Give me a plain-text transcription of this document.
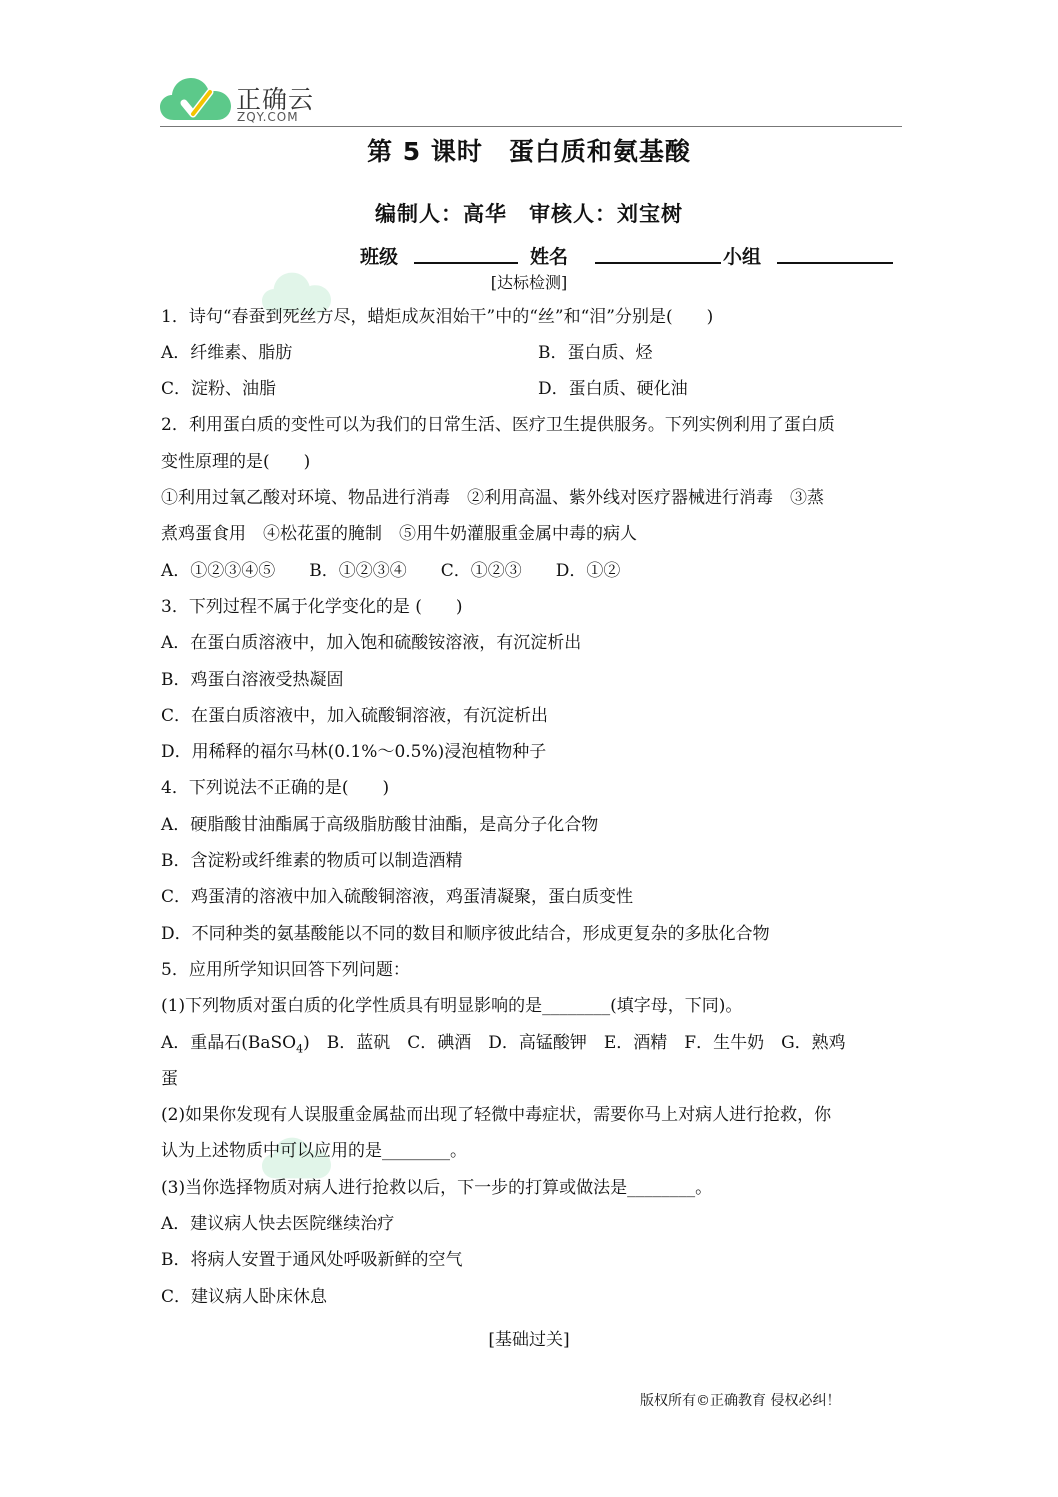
正确云
ZQY.COM
第 5 课时　蛋白质和氨基酸
编制人：高华　审核人：刘宝树
班级	姓名	小组
[达标检测]
1．诗句“春蚕到死丝方尽，蜡炬成灰泪始干”中的“丝”和“泪”分别是(　　)
A．纤维素、脂肪	B．蛋白质、烃
C．淀粉、油脂	D．蛋白质、硬化油
2．利用蛋白质的变性可以为我们的日常生活、医疗卫生提供服务。下列实例利用了蛋白质
变性原理的是(　　)
①利用过氧乙酸对环境、物品进行消毒　②利用高温、紫外线对医疗器械进行消毒　③蒸
煮鸡蛋食用　④松花蛋的腌制　⑤用牛奶灌服重金属中毒的病人
A．①②③④⑤　　B．①②③④　　C．①②③　　D．①②
3．下列过程不属于化学变化的是 (　　)
A．在蛋白质溶液中，加入饱和硫酸铵溶液，有沉淀析出
B．鸡蛋白溶液受热凝固
C．在蛋白质溶液中，加入硫酸铜溶液，有沉淀析出
D．用稀释的福尔马林(0.1%～0.5%)浸泡植物种子
4．下列说法不正确的是(　　)
A．硬脂酸甘油酯属于高级脂肪酸甘油酯，是高分子化合物
B．含淀粉或纤维素的物质可以制造酒精
C．鸡蛋清的溶液中加入硫酸铜溶液，鸡蛋清凝聚，蛋白质变性
D．不同种类的氨基酸能以不同的数目和顺序彼此结合，形成更复杂的多肽化合物
5．应用所学知识回答下列问题：
(1)下列物质对蛋白质的化学性质具有明显影响的是________(填字母，下同)。
A．重晶石(BaSO$_4$)　B．蓝矾　C．碘酒　D．高锰酸钾　E．酒精　F．生牛奶　G．熟鸡
蛋
(2)如果你发现有人误服重金属盐而出现了轻微中毒症状，需要你马上对病人进行抢救，你
认为上述物质中可以应用的是________。
(3)当你选择物质对病人进行抢救以后，下一步的打算或做法是________。
A．建议病人快去医院继续治疗
B．将病人安置于通风处呼吸新鲜的空气
C．建议病人卧床休息
[基础过关]
版权所有©正确教育 侵权必纠！
